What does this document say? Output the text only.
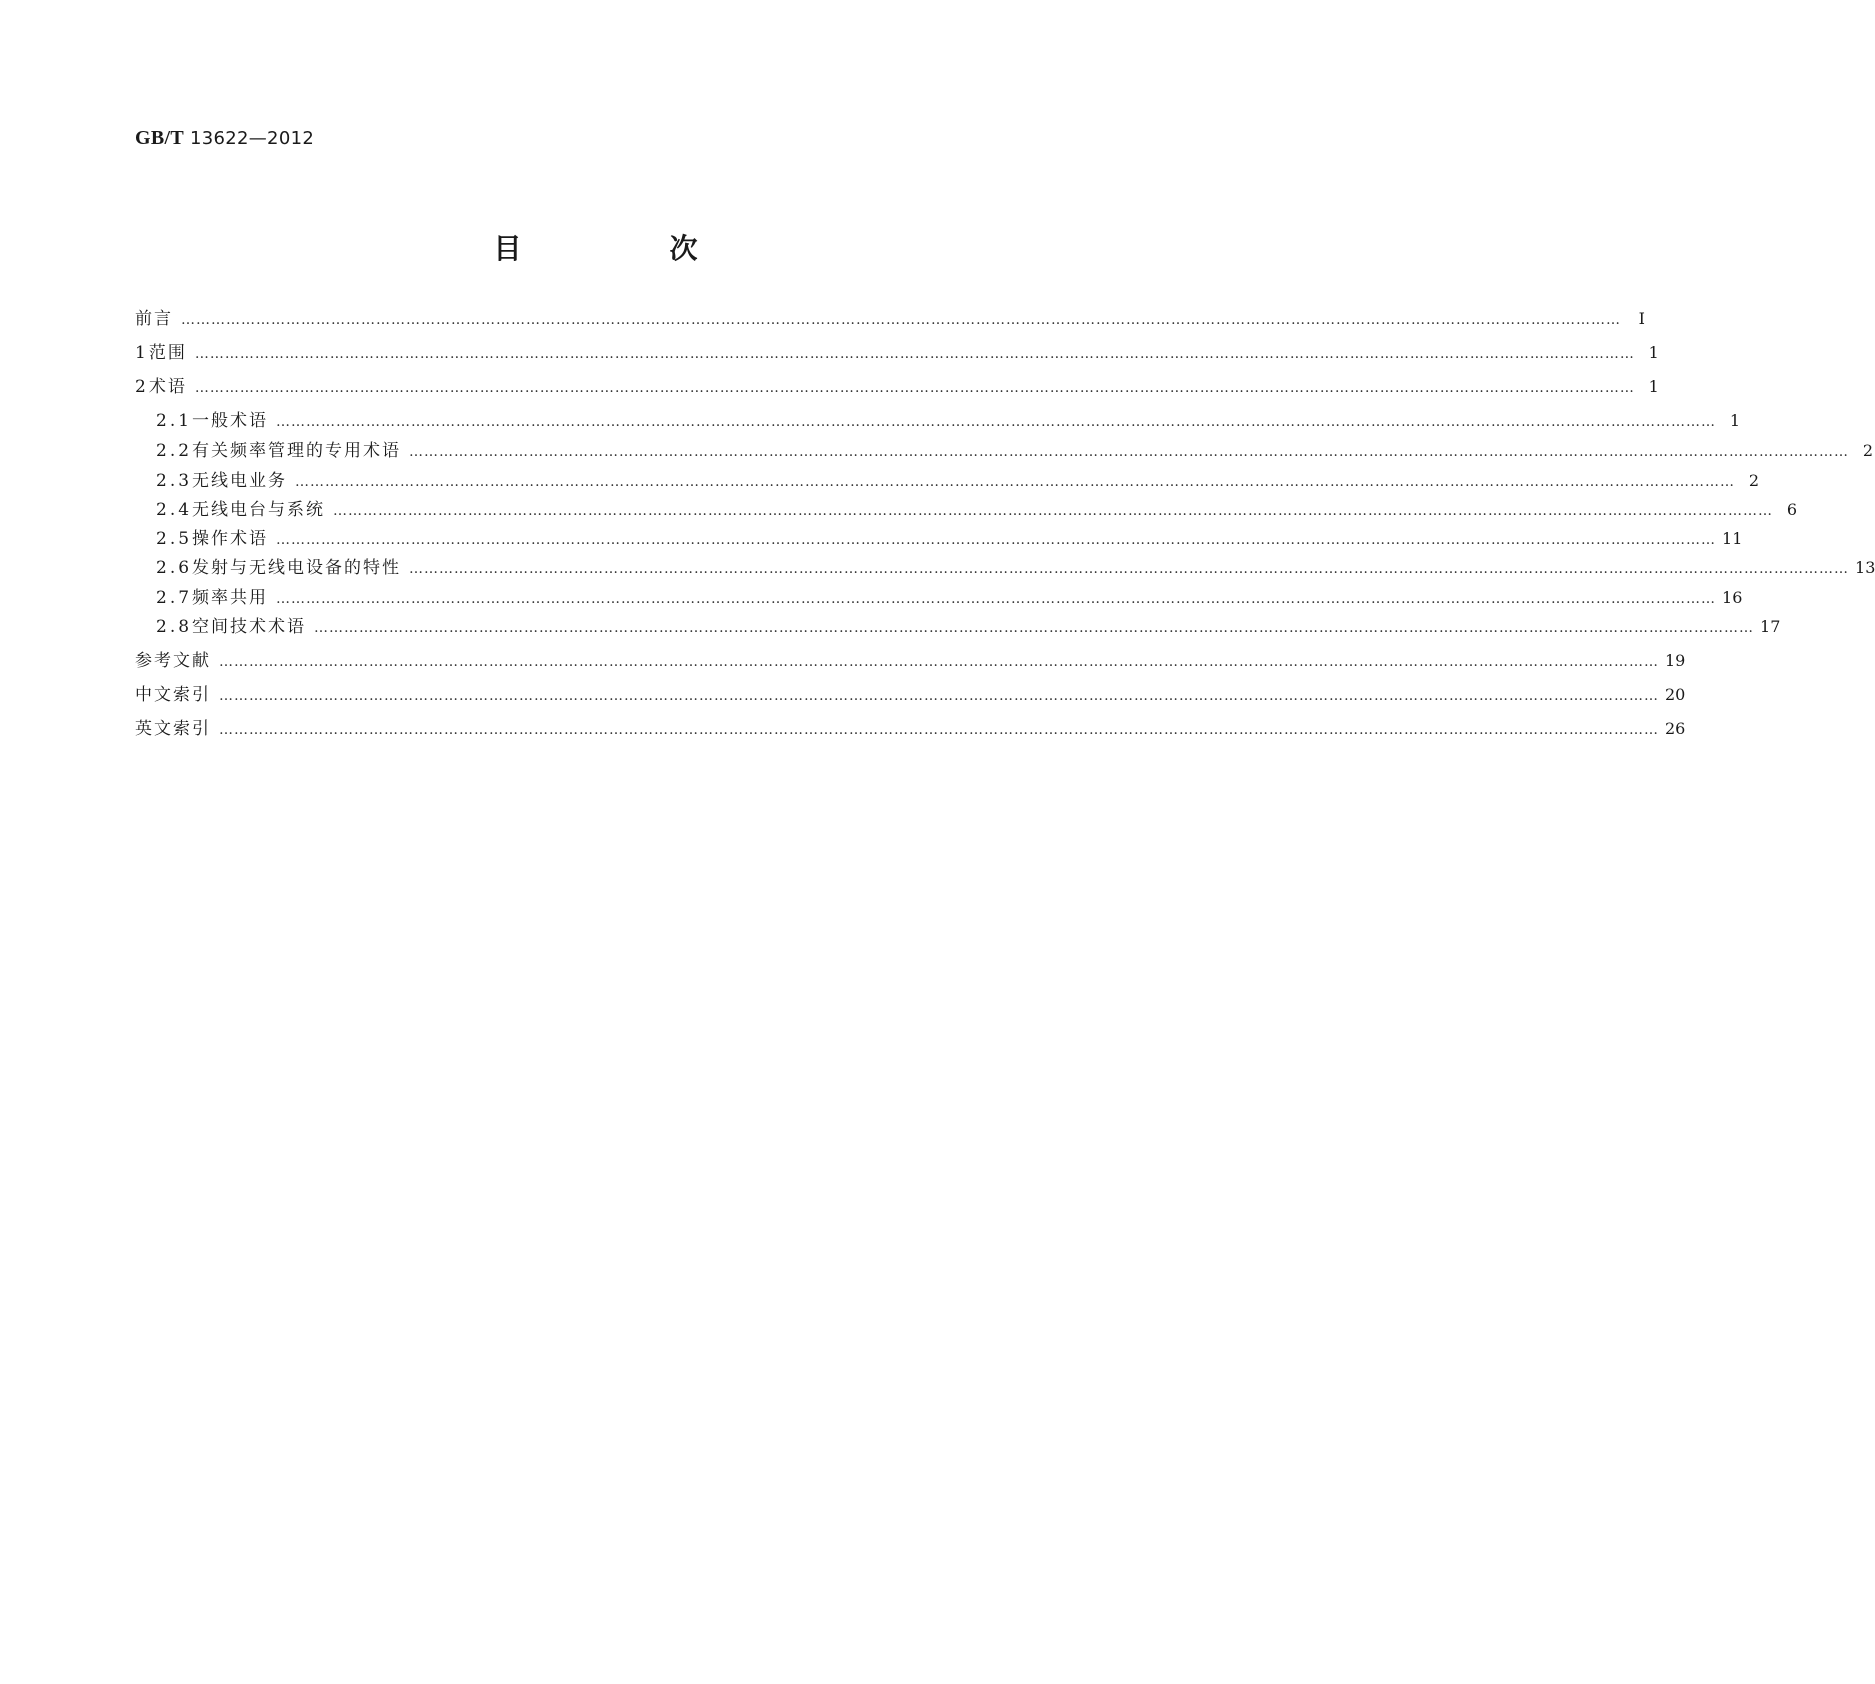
GB/T 13622—2012
目　次
前言 ………………………………………………………………………………………………………………………………………………………………………………………………………………………………………………………………	Ⅰ
1 范围 ……………………………………………………………………………………………………………………………………………………………………………………………………………………………………………………………… 1
2 术语 ……………………………………………………………………………………………………………………………………………………………………………………………………………………………………………………………… 1
2.1 一般术语 ……………………………………………………………………………………………………………………………………………………………………………………………………………………………………………………………… 1
2.2 有关频率管理的专用术语 ……………………………………………………………………………………………………………………………………………………………………………………………………………………………………………………………… 2
2.3 无线电业务 ……………………………………………………………………………………………………………………………………………………………………………………………………………………………………………………………… 2
2.4 无线电台与系统 ……………………………………………………………………………………………………………………………………………………………………………………………………………………………………………………………… 6
2.5 操作术语 ……………………………………………………………………………………………………………………………………………………………………………………………………………………………………………………………… 11
2.6 发射与无线电设备的特性 ……………………………………………………………………………………………………………………………………………………………………………………………………………………………………………………………… 13
2.7 频率共用 ……………………………………………………………………………………………………………………………………………………………………………………………………………………………………………………………… 16
2.8 空间技术术语 ……………………………………………………………………………………………………………………………………………………………………………………………………………………………………………………………… 17
参考文献 ……………………………………………………………………………………………………………………………………………………………………………………………………………………………………………………………… 19
中文索引 ……………………………………………………………………………………………………………………………………………………………………………………………………………………………………………………………… 20
英文索引 ……………………………………………………………………………………………………………………………………………………………………………………………………………………………………………………………… 26
